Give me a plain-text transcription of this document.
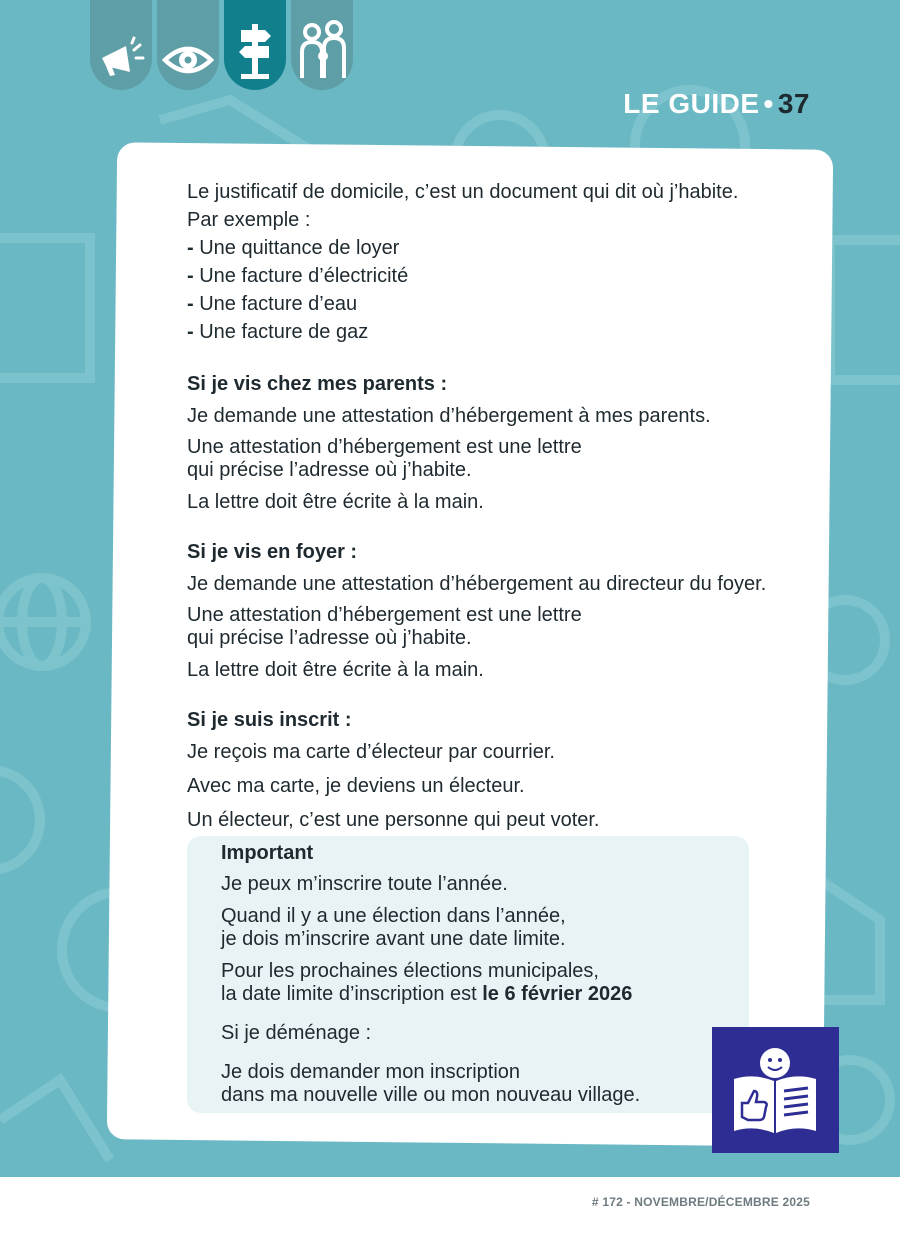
LE GUIDE • 37

Le justificatif de domicile, c’est un document qui dit où j’habite.

Par exemple :

- Une quittance de loyer
- Une facture d’électricité
- Une facture d’eau
- Une facture de gaz

Si je vis chez mes parents :

Je demande une attestation d’hébergement à mes parents.

Une attestation d’hébergement est une lettre

qui précise l’adresse où j’habite.

La lettre doit être écrite à la main.

Si je vis en foyer :

Je demande une attestation d’hébergement au directeur du foyer.

Une attestation d’hébergement est une lettre

qui précise l’adresse où j’habite.

La lettre doit être écrite à la main.

Si je suis inscrit :

Je reçois ma carte d’électeur par courrier.

Avec ma carte, je deviens un électeur.

Un électeur, c’est une personne qui peut voter.

Important

Je peux m’inscrire toute l’année.

Quand il y a une élection dans l’année,

je dois m’inscrire avant une date limite.

Pour les prochaines élections municipales,

la date limite d’inscription est le 6 février 2026

Si je déménage :

Je dois demander mon inscription

dans ma nouvelle ville ou mon nouveau village.

# 172 - NOVEMBRE/DÉCEMBRE 2025
